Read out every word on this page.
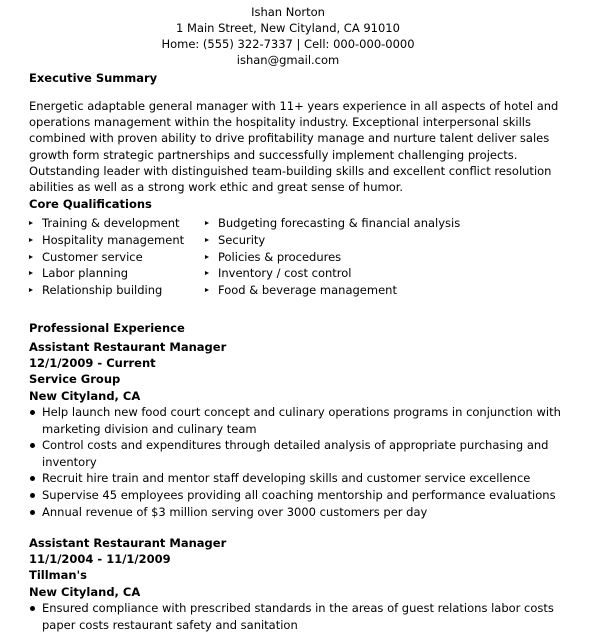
Ishan Norton
1 Main Street, New Cityland, CA 91010
Home: (555) 322-7337 | Cell: 000-000-0000
ishan@gmail.com
Executive Summary
Energetic adaptable general manager with 11+ years experience in all aspects of hotel and
operations management within the hospitality industry. Exceptional interpersonal skills
combined with proven ability to drive profitability manage and nurture talent deliver sales
growth form strategic partnerships and successfully implement challenging projects.
Outstanding leader with distinguished team-building skills and excellent conflict resolution
abilities as well as a strong work ethic and great sense of humor.
Core Qualifications
Training & development
Hospitality management
Customer service
Labor planning
Relationship building
Budgeting forecasting & financial analysis
Security
Policies & procedures
Inventory / cost control
Food & beverage management
Professional Experience
Assistant Restaurant Manager
12/1/2009 - Current
Service Group
New Cityland, CA
Help launch new food court concept and culinary operations programs in conjunction with
marketing division and culinary team
Control costs and expenditures through detailed analysis of appropriate purchasing and
inventory
Recruit hire train and mentor staff developing skills and customer service excellence
Supervise 45 employees providing all coaching mentorship and performance evaluations
Annual revenue of $3 million serving over 3000 customers per day
Assistant Restaurant Manager
11/1/2004 - 11/1/2009
Tillman's
New Cityland, CA
Ensured compliance with prescribed standards in the areas of guest relations labor costs
paper costs restaurant safety and sanitation
